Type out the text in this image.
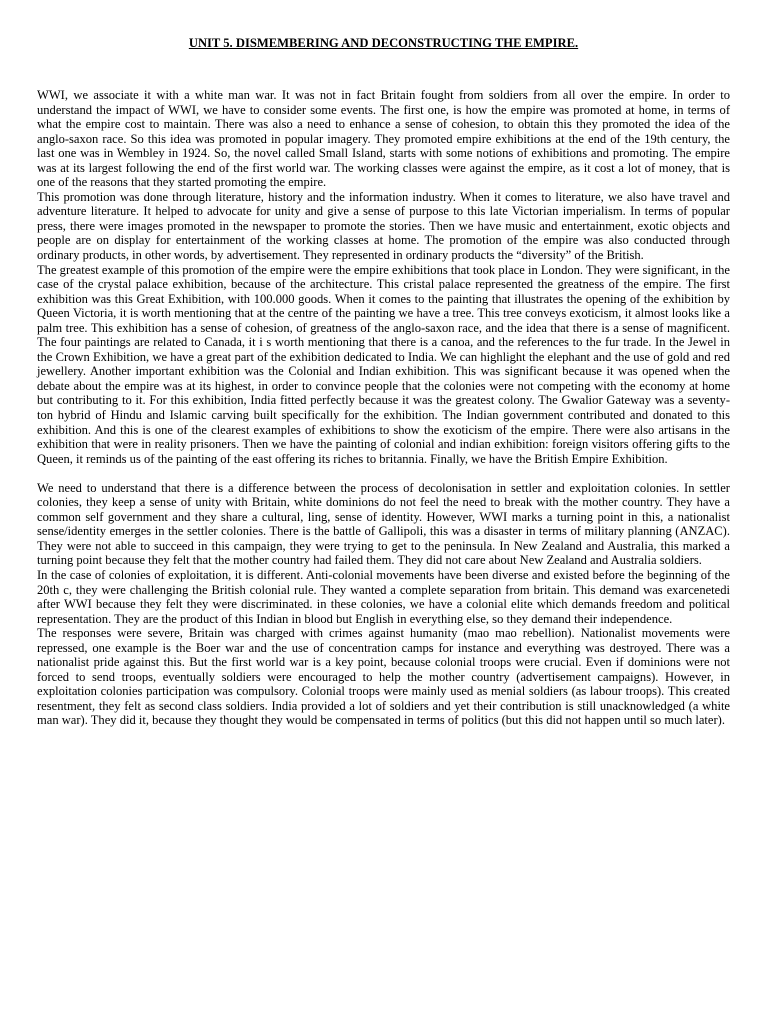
UNIT 5. DISMEMBERING AND DECONSTRUCTING THE EMPIRE.

WWI, we associate it with a white man war. It was not in fact Britain fought from soldiers from all over the empire. In order to understand the impact of WWI, we have to consider some events. The first one, is how the empire was promoted at home, in terms of what the empire cost to maintain. There was also a need to enhance a sense of cohesion, to obtain this they promoted the idea of the anglo-saxon race. So this idea was promoted in popular imagery. They promoted empire exhibitions at the end of the 19th century, the last one was in Wembley in 1924. So, the novel called Small Island, starts with some notions of exhibitions and promoting. The empire was at its largest following the end of the first world war. The working classes were against the empire, as it cost a lot of money, that is one of the reasons that they started promoting the empire.

This promotion was done through literature, history and the information industry. When it comes to literature, we also have travel and adventure literature. It helped to advocate for unity and give a sense of purpose to this late Victorian imperialism. In terms of popular press, there were images promoted in the newspaper to promote the stories. Then we have music and entertainment, exotic objects and people are on display for entertainment of the working classes at home. The promotion of the empire was also conducted through ordinary products, in other words, by advertisement. They represented in ordinary products the “diversity” of the British.

The greatest example of this promotion of the empire were the empire exhibitions that took place in London. They were significant, in the case of the crystal palace exhibition, because of the architecture. This cristal palace represented the greatness of the empire. The first exhibition was this Great Exhibition, with 100.000 goods. When it comes to the painting that illustrates the opening of the exhibition by Queen Victoria, it is worth mentioning that at the centre of the painting we have a tree. This tree conveys exoticism, it almost looks like a palm tree. This exhibition has a sense of cohesion, of greatness of the anglo-saxon race, and the idea that there is a sense of magnificent. The four paintings are related to Canada, it i s worth mentioning that there is a canoa, and the references to the fur trade. In the Jewel in the Crown Exhibition, we have a great part of the exhibition dedicated to India. We can highlight the elephant and the use of gold and red jewellery. Another important exhibition was the Colonial and Indian exhibition. This was significant because it was opened when the debate about the empire was at its highest, in order to convince people that the colonies were not competing with the economy at home but contributing to it. For this exhibition, India fitted perfectly because it was the greatest colony. The Gwalior Gateway was a seventy-ton hybrid of Hindu and Islamic carving built specifically for the exhibition. The Indian government contributed and donated to this exhibition. And this is one of the clearest examples of exhibitions to show the exoticism of the empire. There were also artisans in the exhibition that were in reality prisoners. Then we have the painting of colonial and indian exhibition: foreign visitors offering gifts to the Queen, it reminds us of the painting of the east offering its riches to britannia. Finally, we have the British Empire Exhibition.

We need to understand that there is a difference between the process of decolonisation in settler and exploitation colonies. In settler colonies, they keep a sense of unity with Britain, white dominions do not feel the need to break with the mother country. They have a common self government and they share a cultural, ling, sense of identity. However, WWI marks a turning point in this, a nationalist sense/identity emerges in the settler colonies. There is the battle of Gallipoli, this was a disaster in terms of military planning (ANZAC). They were not able to succeed in this campaign, they were trying to get to the peninsula. In New Zealand and Australia, this marked a turning point because they felt that the mother country had failed them. They did not care about New Zealand and Australia soldiers.

In the case of colonies of exploitation, it is different. Anti-colonial movements have been diverse and existed before the beginning of the 20th c, they were challenging the British colonial rule. They wanted a complete separation from britain. This demand was exarcenetedi after WWI because they felt they were discriminated. in these colonies, we have a colonial elite which demands freedom and political representation. They are the product of this Indian in blood but English in everything else, so they demand their independence.

The responses were severe, Britain was charged with crimes against humanity (mao mao rebellion). Nationalist movements were repressed, one example is the Boer war and the use of concentration camps for instance and everything was destroyed. There was a nationalist pride against this. But the first world war is a key point, because colonial troops were crucial. Even if dominions were not forced to send troops, eventually soldiers were encouraged to help the mother country (advertisement campaigns). However, in exploitation colonies participation was compulsory. Colonial troops were mainly used as menial soldiers (as labour troops). This created resentment, they felt as second class soldiers. India provided a lot of soldiers and yet their contribution is still unacknowledged (a white man war). They did it, because they thought they would be compensated in terms of politics (but this did not happen until so much later).
